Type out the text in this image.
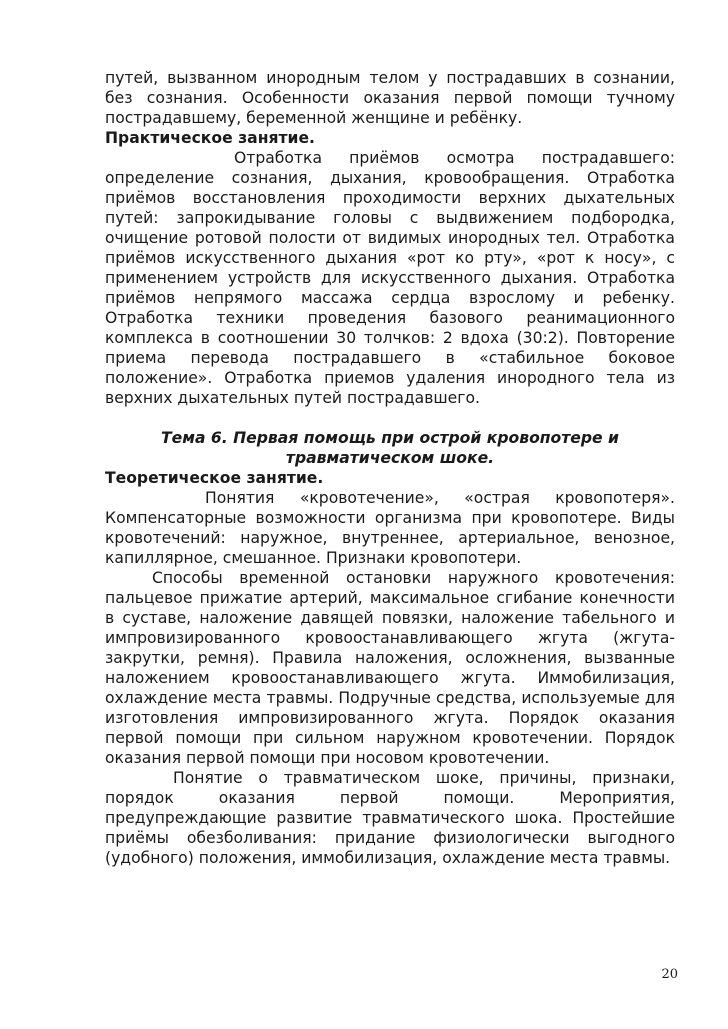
путей, вызванном инородным телом у пострадавших в сознании, без сознания. Особенности оказания первой помощи тучному пострадавшему, беременной женщине и ребёнку.

Практическое занятие.

Отработка приёмов осмотра пострадавшего: определение сознания, дыхания, кровообращения. Отработка приёмов восстановления проходимости верхних дыхательных путей: запрокидывание головы с выдвижением подбородка, очищение ротовой полости от видимых инородных тел. Отработка приёмов искусственного дыхания «рот ко рту», «рот к носу», с применением устройств для искусственного дыхания. Отработка приёмов непрямого массажа сердца взрослому и ребенку. Отработка техники проведения базового реанимационного комплекса в соотношении 30 толчков: 2 вдоха (30:2). Повторение приема перевода пострадавшего в «стабильное боковое положение». Отработка приемов удаления инородного тела из верхних дыхательных путей пострадавшего.

Тема 6. Первая помощь при острой кровопотере и
травматическом шоке.

Теоретическое занятие.

Понятия «кровотечение», «острая кровопотеря». Компенсаторные возможности организма при кровопотере. Виды кровотечений: наружное, внутреннее, артериальное, венозное, капиллярное, смешанное. Признаки кровопотери.

Способы временной остановки наружного кровотечения: пальцевое прижатие артерий, максимальное сгибание конечности в суставе, наложение давящей повязки, наложение табельного и импровизированного кровоостанавливающего жгута (жгута-закрутки, ремня). Правила наложения, осложнения, вызванные наложением кровоостанавливающего жгута. Иммобилизация, охлаждение места травмы. Подручные средства, используемые для изготовления импровизированного жгута. Порядок оказания первой помощи при сильном наружном кровотечении. Порядок оказания первой помощи при носовом кровотечении.

Понятие о травматическом шоке, причины, признаки, порядок оказания первой помощи. Мероприятия, предупреждающие развитие травматического шока. Простейшие приёмы обезболивания: придание физиологически выгодного (удобного) положения, иммобилизация, охлаждение места травмы.

20
